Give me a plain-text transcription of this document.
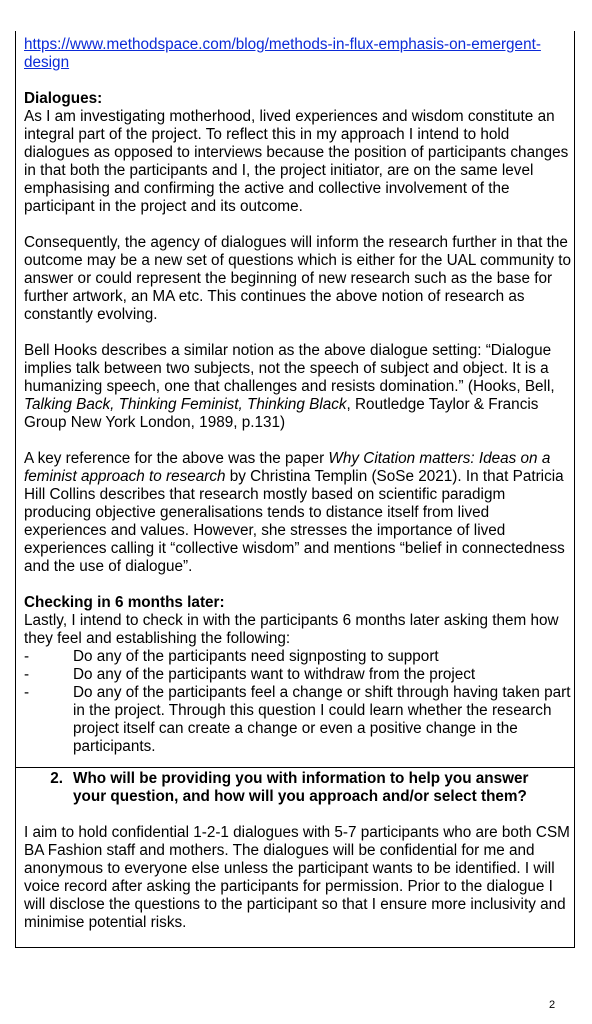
https://www.methodspace.com/blog/methods-in-flux-emphasis-on-emergent-
design

Dialogues:

As I am investigating motherhood, lived experiences and wisdom constitute an integral part of the project. To reflect this in my approach I intend to hold dialogues as opposed to interviews because the position of participants changes in that both the participants and I, the project initiator, are on the same level emphasising and confirming the active and collective involvement of the participant in the project and its outcome.

Consequently, the agency of dialogues will inform the research further in that the outcome may be a new set of questions which is either for the UAL community to answer or could represent the beginning of new research such as the base for further artwork, an MA etc. This continues the above notion of research as constantly evolving.

Bell Hooks describes a similar notion as the above dialogue setting: “Dialogue implies talk between two subjects, not the speech of subject and object. It is a humanizing speech, one that challenges and resists domination.” (Hooks, Bell, Talking Back, Thinking Feminist, Thinking Black, Routledge Taylor & Francis Group New York London, 1989, p.131)

A key reference for the above was the paper Why Citation matters: Ideas on a feminist approach to research by Christina Templin (SoSe 2021). In that Patricia Hill Collins describes that research mostly based on scientific paradigm producing objective generalisations tends to distance itself from lived experiences and values. However, she stresses the importance of lived experiences calling it “collective wisdom” and mentions “belief in connectedness and the use of dialogue”.

Checking in 6 months later:

Lastly, I intend to check in with the participants 6 months later asking them how they feel and establishing the following:

-	Do any of the participants need signposting to support
-	Do any of the participants want to withdraw from the project
-	Do any of the participants feel a change or shift through having taken part in the project. Through this question I could learn whether the research project itself can create a change or even a positive change in the participants.
2. Who will be providing you with information to help you answer your question, and how will you approach and/or select them?

I aim to hold confidential 1-2-1 dialogues with 5-7 participants who are both CSM BA Fashion staff and mothers. The dialogues will be confidential for me and anonymous to everyone else unless the participant wants to be identified. I will voice record after asking the participants for permission. Prior to the dialogue I will disclose the questions to the participant so that I ensure more inclusivity and minimise potential risks.

2
